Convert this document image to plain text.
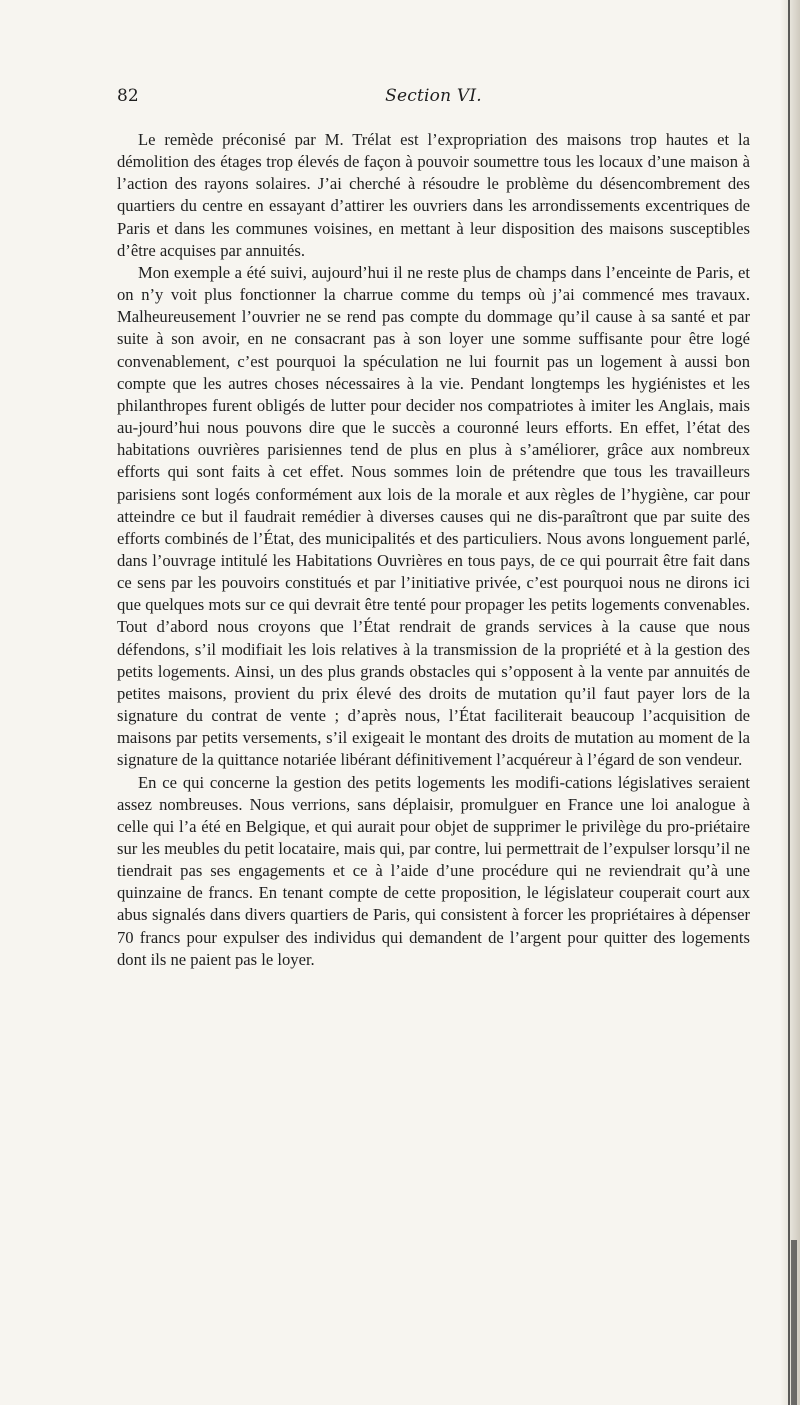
82	Section VI.

Le remède préconisé par M. Trélat est l’expropriation des maisons trop hautes et la démolition des étages trop élevés de façon à pouvoir soumettre tous les locaux d’une maison à l’action des rayons solaires. J’ai cherché à résoudre le problème du désencombrement des quartiers du centre en essayant d’attirer les ouvriers dans les arrondissements excentriques de Paris et dans les communes voisines, en mettant à leur disposition des maisons susceptibles d’être acquises par annuités.

Mon exemple a été suivi, aujourd’hui il ne reste plus de champs dans l’enceinte de Paris, et on n’y voit plus fonctionner la charrue comme du temps où j’ai commencé mes travaux. Malheureusement l’ouvrier ne se rend pas compte du dommage qu’il cause à sa santé et par suite à son avoir, en ne consacrant pas à son loyer une somme suffisante pour être logé convenablement, c’est pourquoi la spéculation ne lui fournit pas un logement à aussi bon compte que les autres choses nécessaires à la vie. Pendant longtemps les hygiénistes et les philanthropes furent obligés de lutter pour decider nos compatriotes à imiter les Anglais, mais au-jourd’hui nous pouvons dire que le succès a couronné leurs efforts. En effet, l’état des habitations ouvrières parisiennes tend de plus en plus à s’améliorer, grâce aux nombreux efforts qui sont faits à cet effet. Nous sommes loin de prétendre que tous les travailleurs parisiens sont logés conformément aux lois de la morale et aux règles de l’hygiène, car pour atteindre ce but il faudrait remédier à diverses causes qui ne dis-paraîtront que par suite des efforts combinés de l’État, des municipalités et des particuliers. Nous avons longuement parlé, dans l’ouvrage intitulé les Habitations Ouvrières en tous pays, de ce qui pourrait être fait dans ce sens par les pouvoirs constitués et par l’initiative privée, c’est pourquoi nous ne dirons ici que quelques mots sur ce qui devrait être tenté pour propager les petits logements convenables. Tout d’abord nous croyons que l’État rendrait de grands services à la cause que nous défendons, s’il modifiait les lois relatives à la transmission de la propriété et à la gestion des petits logements. Ainsi, un des plus grands obstacles qui s’opposent à la vente par annuités de petites maisons, provient du prix élevé des droits de mutation qu’il faut payer lors de la signature du contrat de vente ; d’après nous, l’État faciliterait beaucoup l’acquisition de maisons par petits versements, s’il exigeait le montant des droits de mutation au moment de la signature de la quittance notariée libérant définitivement l’acquéreur à l’égard de son vendeur.

En ce qui concerne la gestion des petits logements les modifi-cations législatives seraient assez nombreuses. Nous verrions, sans déplaisir, promulguer en France une loi analogue à celle qui l’a été en Belgique, et qui aurait pour objet de supprimer le privilège du pro-priétaire sur les meubles du petit locataire, mais qui, par contre, lui permettrait de l’expulser lorsqu’il ne tiendrait pas ses engagements et ce à l’aide d’une procédure qui ne reviendrait qu’à une quinzaine de francs. En tenant compte de cette proposition, le législateur couperait court aux abus signalés dans divers quartiers de Paris, qui consistent à forcer les propriétaires à dépenser 70 francs pour expulser des individus qui demandent de l’argent pour quitter des logements dont ils ne paient pas le loyer.
